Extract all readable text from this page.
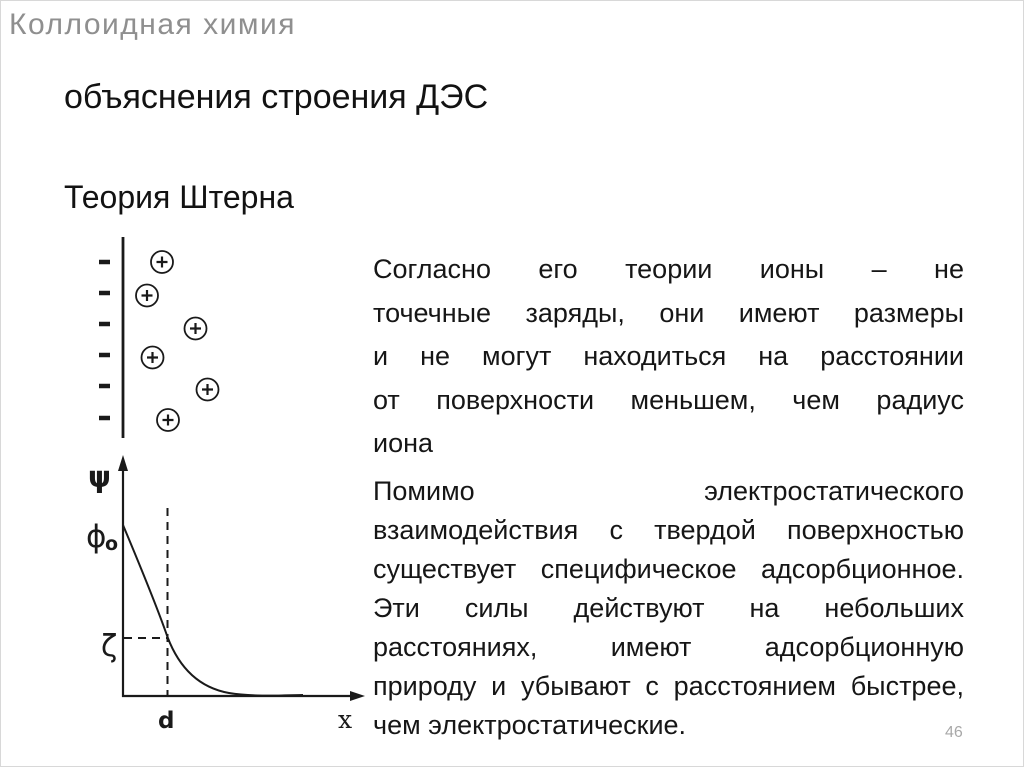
Коллоидная химия
объяснения строения ДЭС
Теория Штерна
ψ
ϕ
o
ζ
d	x
Согласно его теории ионы – не
точечные заряды, они имеют размеры
и не могут находиться на расстоянии
от поверхности меньшем, чем радиус
иона
Помимо электростатического
взаимодействия с твердой поверхностью
существует специфическое адсорбционное.
Эти силы действуют на небольших
расстояниях, имеют адсорбционную
природу и убывают с расстоянием быстрее,
чем электростатические.	46
